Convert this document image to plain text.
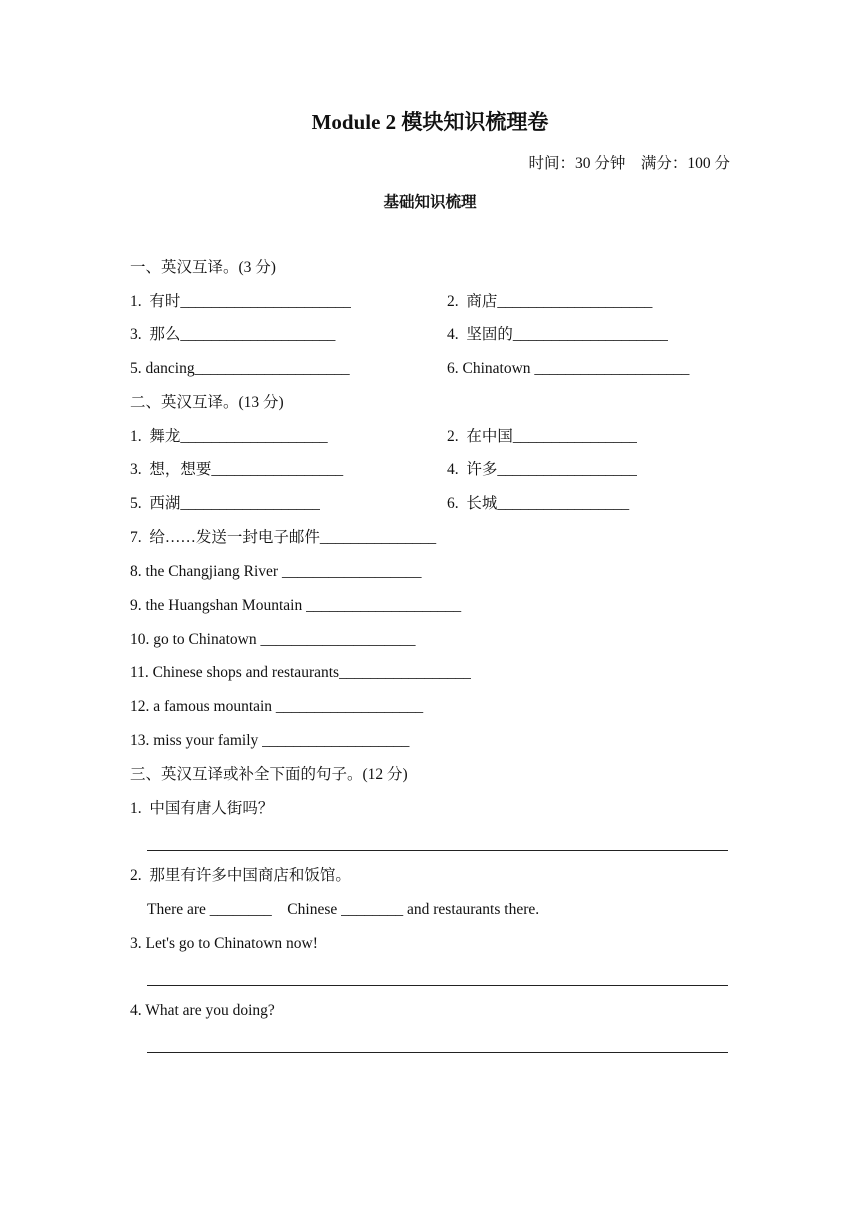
Module 2 模块知识梳理卷
时间：30 分钟    满分：100 分
基础知识梳理
一、英汉互译。(3 分)
1.  有时______________________	2.  商店____________________
3.  那么____________________	4.  坚固的____________________
5. dancing____________________	6. Chinatown ____________________
二、英汉互译。(13 分)
1.  舞龙___________________	2.  在中国________________
3.  想，想要_________________	4.  许多__________________
5.  西湖__________________	6.  长城_________________
7.  给……发送一封电子邮件_______________
8. the Changjiang River __________________
9. the Huangshan Mountain ____________________
10. go to Chinatown ____________________
11. Chinese shops and restaurants_________________
12. a famous mountain ___________________
13. miss your family ___________________
三、英汉互译或补全下面的句子。(12 分)
1.  中国有唐人街吗？
2.  那里有许多中国商店和饭馆。
There are ________    Chinese ________ and restaurants there.
3. Let's go to Chinatown now!
4. What are you doing?
